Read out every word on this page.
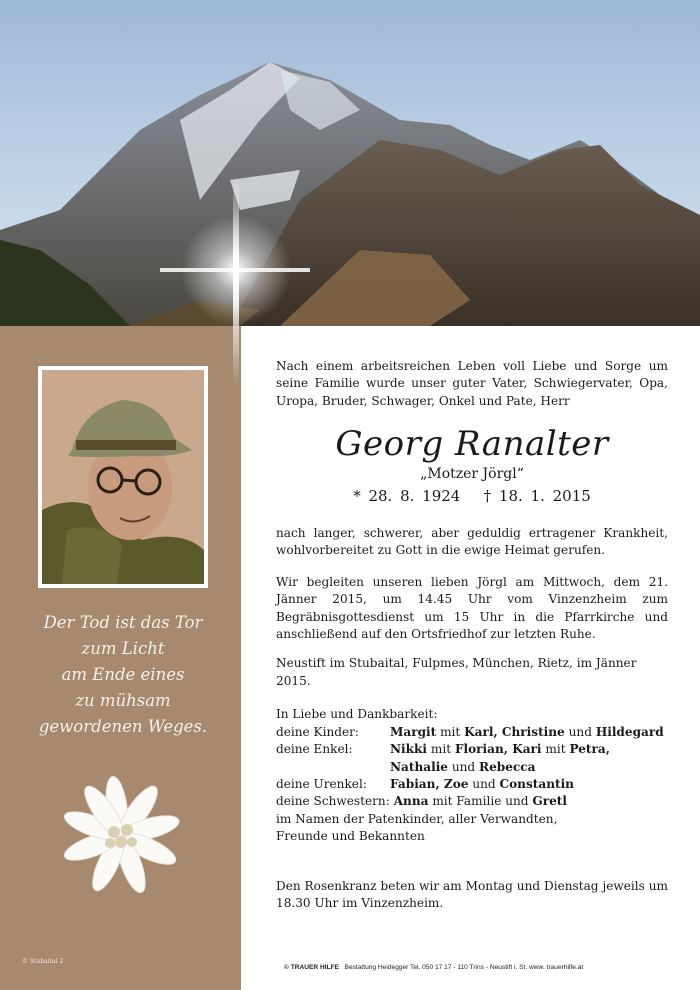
Der Tod ist das Tor
zum Licht
am Ende eines
zu mühsam
gewordenen Weges.
© Stubaital 2
Nach einem arbeitsreichen Leben voll Liebe und Sorge um seine Familie wurde unser guter Vater, Schwiegervater, Opa, Uropa, Bruder, Schwager, Onkel und Pate, Herr
Georg Ranalter
„Motzer Jörgl“
* 28. 8. 1924 † 18. 1. 2015
nach langer, schwerer, aber geduldig ertragener Krankheit, wohlvorbereitet zu Gott in die ewige Heimat gerufen.
Wir begleiten unseren lieben Jörgl am Mittwoch, dem 21. Jänner 2015, um 14.45 Uhr vom Vinzenzheim zum Begräbnisgottesdienst um 15 Uhr in die Pfarrkirche und anschließend auf den Ortsfriedhof zur letzten Ruhe.
Neustift im Stubaital, Fulpmes, München, Rietz, im Jänner 2015.
In Liebe und Dankbarkeit:
deine Kinder:	Margit mit Karl, Christine und Hildegard
deine Enkel:	Nikki mit Florian, Kari mit Petra,
Nathalie und Rebecca
deine Urenkel:	Fabian, Zoe und Constantin
deine Schwestern: Anna mit Familie und Gretl
im Namen der Patenkinder, aller Verwandten,
Freunde und Bekannten
Den Rosenkranz beten wir am Montag und Dienstag jeweils um 18.30 Uhr im Vinzenzheim.
© TRAUER HILFE Bestattung Heidegger Tel. 050 17 17 - 110 Trins - Neustift i. St. www. trauerhilfe.at
